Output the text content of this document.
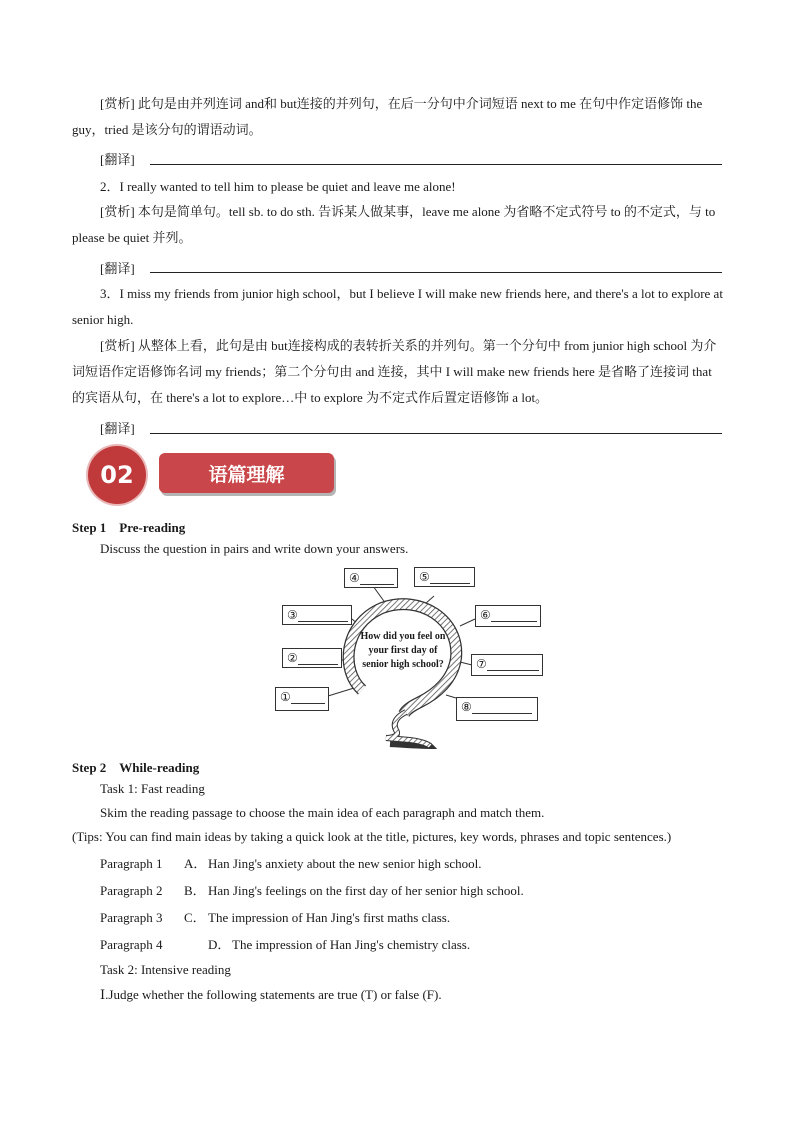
[赏析] 此句是由并列连词 and和 but连接的并列句，在后一分句中介词短语 next to me 在句中作定语修饰 the guy，tried 是该分句的谓语动词。
[翻译]
2．I really wanted to tell him to please be quiet and leave me alone!
[赏析] 本句是简单句。tell sb. to do sth. 告诉某人做某事，leave me alone 为省略不定式符号 to 的不定式，与 to please be quiet 并列。
[翻译]
3．I miss my friends from junior high school，but I believe I will make new friends here, and there's a lot to explore at senior high.
[赏析] 从整体上看，此句是由 but连接构成的表转折关系的并列句。第一个分句中 from junior high school 为介词短语作定语修饰名词 my friends；第二个分句由 and 连接，其中 I will make new friends here 是省略了连接词 that 的宾语从句，在 there's a lot to explore…中 to explore 为不定式作后置定语修饰 a lot。
[翻译]
02	语篇理解
Step 1　Pre-reading
Discuss the question in pairs and write down your answers.
④	⑤
③	⑥
②	⑦
①
⑧
How did you feel on your first day of senior high school?
Step 2　While-reading
Task 1: Fast reading
Skim the reading passage to choose the main idea of each paragraph and match them.
(Tips: You can find main ideas by taking a quick look at the title, pictures, key words, phrases and topic sentences.)
Paragraph 1 A． Han Jing's anxiety about the new senior high school.
Paragraph 2 B． Han Jing's feelings on the first day of her senior high school.
Paragraph 3 C． The impression of Han Jing's first maths class.
Paragraph 4	D． The impression of Han Jing's chemistry class.
Task 2: Intensive reading
Ⅰ.Judge whether the following statements are true (T) or false (F).
